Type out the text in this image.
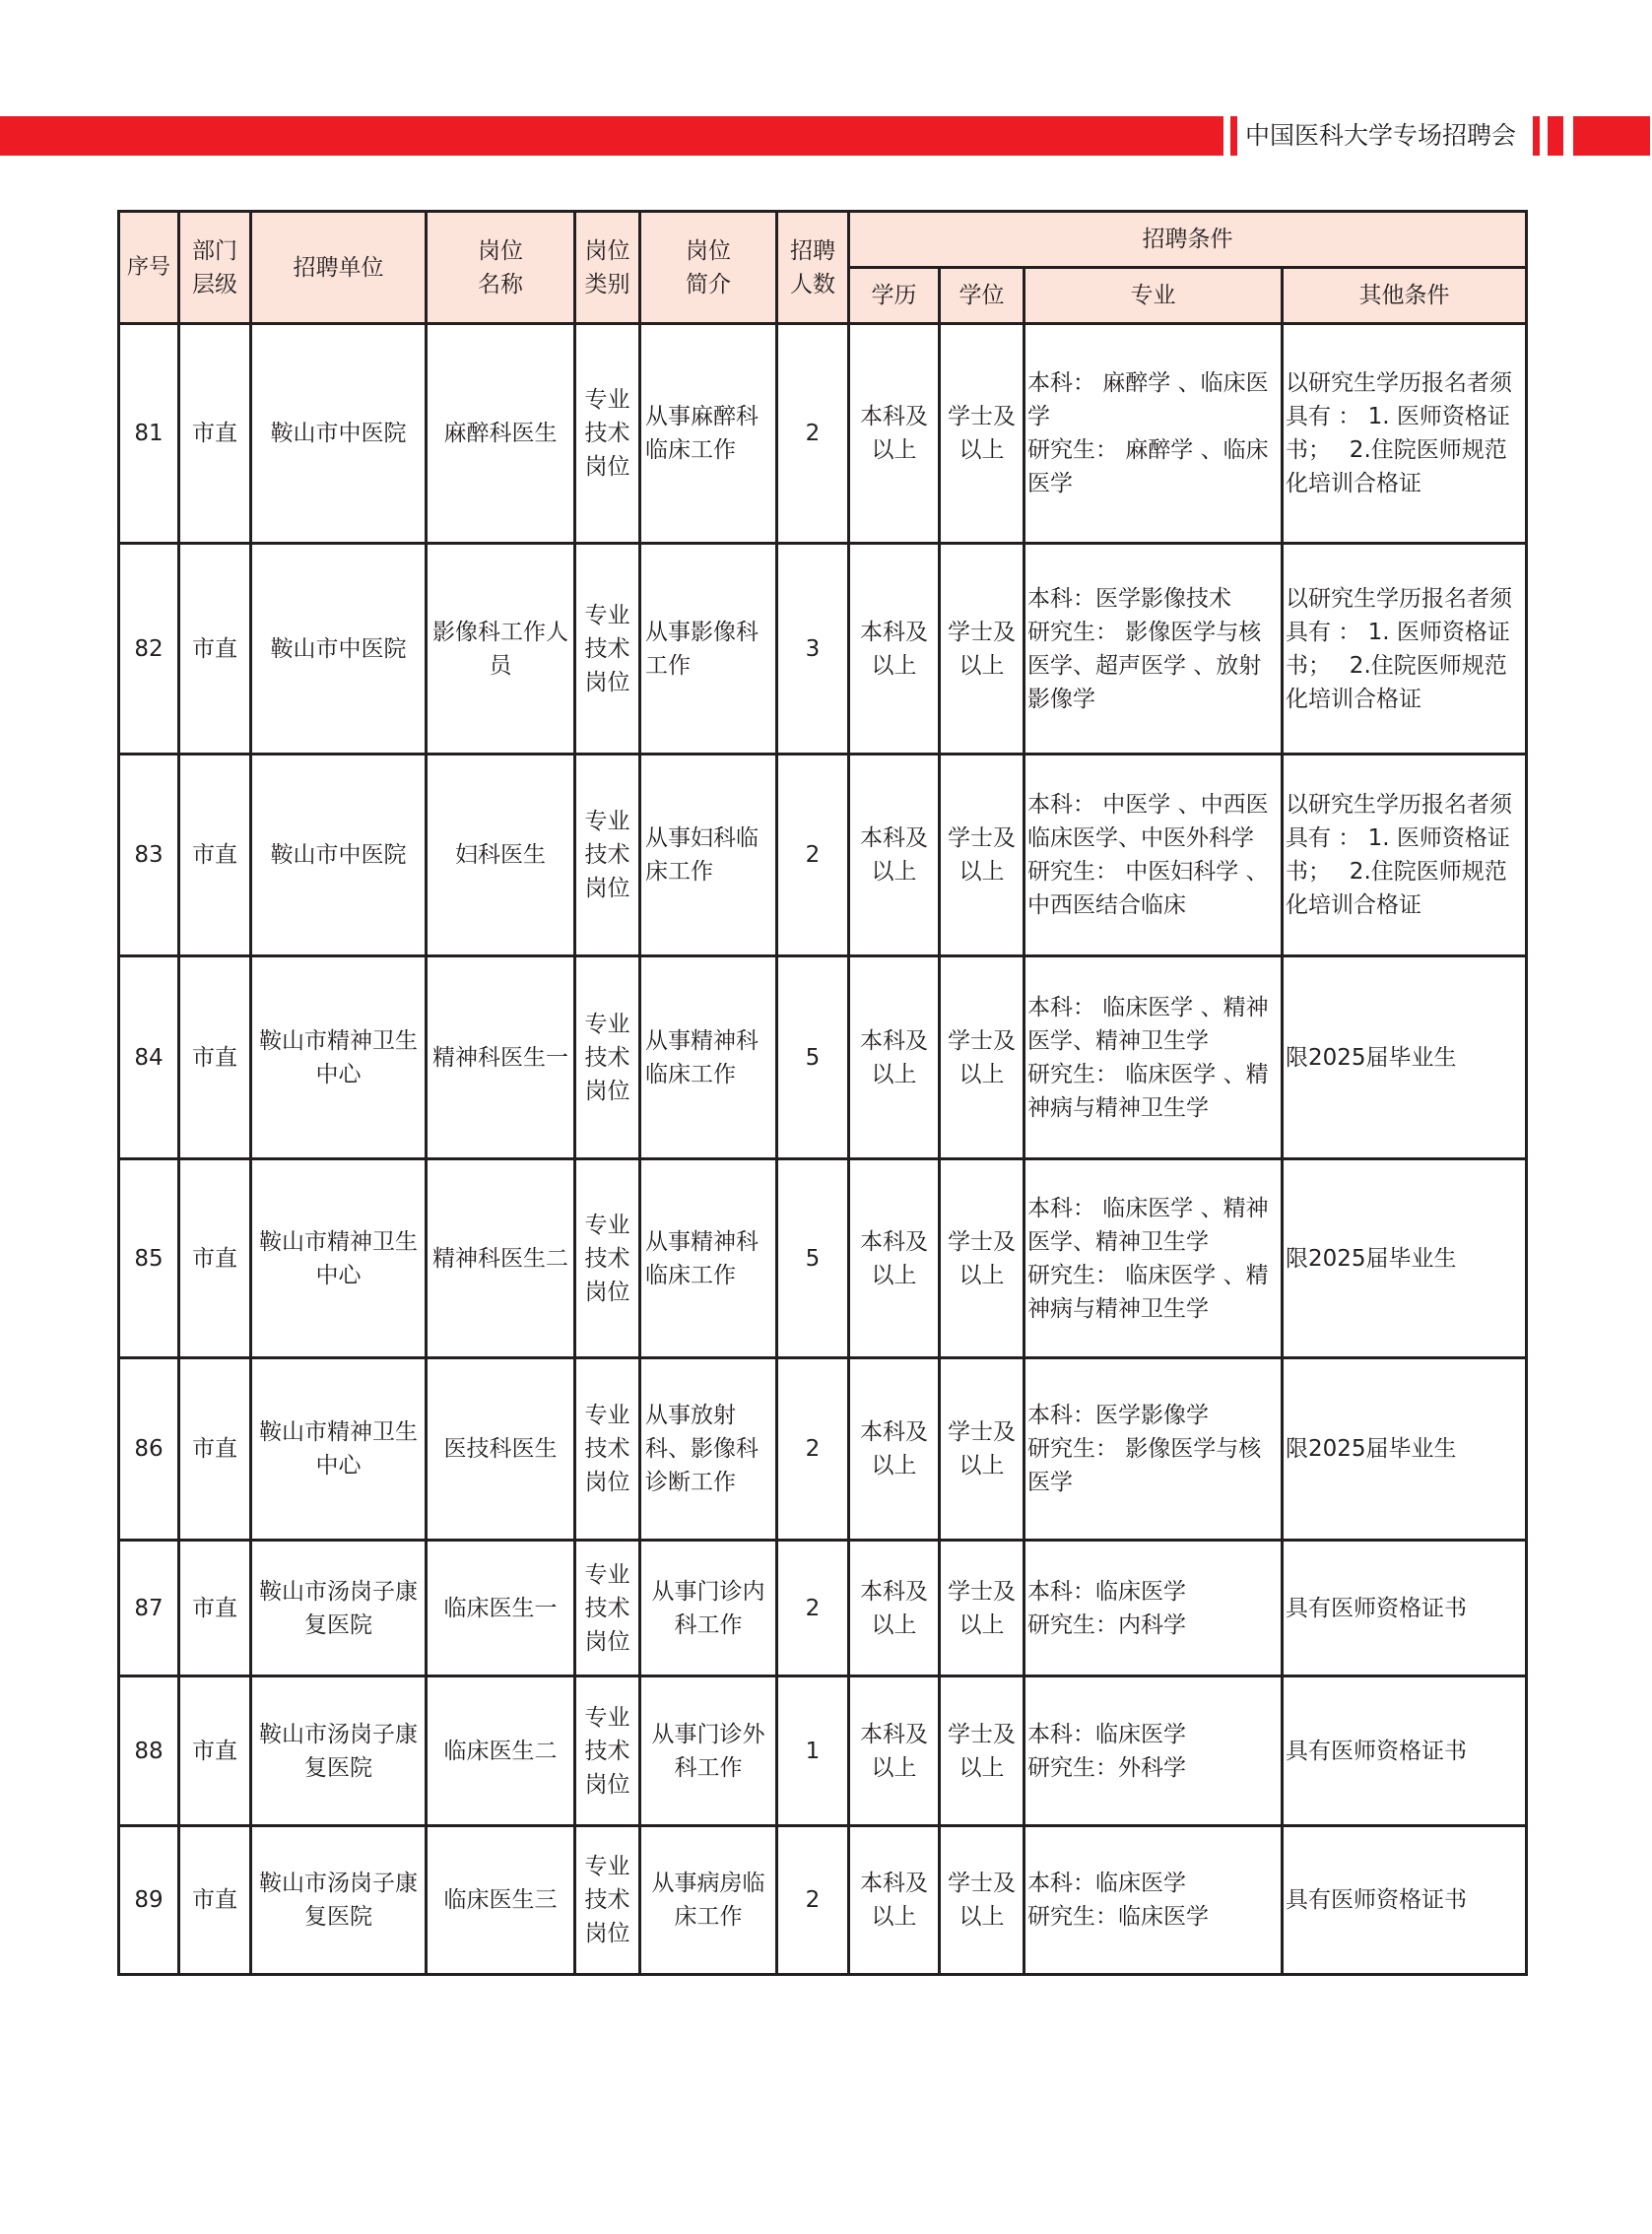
中国医科大学专场招聘会
序号	部门层级	招聘单位	岗位名称	岗位类别	岗位简介	招聘人数	招聘条件			
							学历	学位	专业	其他条件
81	市直	鞍山市中医院	麻醉科医生	专业技术岗位	从事麻醉科临床工作	2	本科及以上	学士及以上	本科： 麻醉学 、临床医学
研究生： 麻醉学 、临床医学	以研究生学历报名者须具有 ： 1. 医师资格证书；　 2.住院医师规范化培训合格证
82	市直	鞍山市中医院	影像科工作人员	专业技术岗位	从事影像科工作	3	本科及以上	学士及以上	本科：医学影像技术
研究生： 影像医学与核医学、超声医学 、放射影像学	以研究生学历报名者须具有 ： 1. 医师资格证书；　 2.住院医师规范化培训合格证
83	市直	鞍山市中医院	妇科医生	专业技术岗位	从事妇科临床工作	2	本科及以上	学士及以上	本科： 中医学 、中西医临床医学、中医外科学
研究生： 中医妇科学 、中西医结合临床	以研究生学历报名者须具有 ： 1. 医师资格证书；　 2.住院医师规范化培训合格证
84	市直	鞍山市精神卫生中心	精神科医生一	专业技术岗位	从事精神科临床工作	5	本科及以上	学士及以上	本科： 临床医学 、精神医学、精神卫生学
研究生： 临床医学 、精神病与精神卫生学	限2025届毕业生
85	市直	鞍山市精神卫生中心	精神科医生二	专业技术岗位	从事精神科临床工作	5	本科及以上	学士及以上	本科： 临床医学 、精神医学、精神卫生学
研究生： 临床医学 、精神病与精神卫生学	限2025届毕业生
86	市直	鞍山市精神卫生中心	医技科医生	专业技术岗位	从事放射科、影像科诊断工作	2	本科及以上	学士及以上	本科：医学影像学
研究生： 影像医学与核医学	限2025届毕业生
87	市直	鞍山市汤岗子康复医院	临床医生一	专业技术岗位	从事门诊内科工作	2	本科及以上	学士及以上	本科：临床医学
研究生：内科学	具有医师资格证书
88	市直	鞍山市汤岗子康复医院	临床医生二	专业技术岗位	从事门诊外科工作	1	本科及以上	学士及以上	本科：临床医学
研究生：外科学	具有医师资格证书
89	市直	鞍山市汤岗子康复医院	临床医生三	专业技术岗位	从事病房临床工作	2	本科及以上	学士及以上	本科：临床医学
研究生：临床医学	具有医师资格证书
